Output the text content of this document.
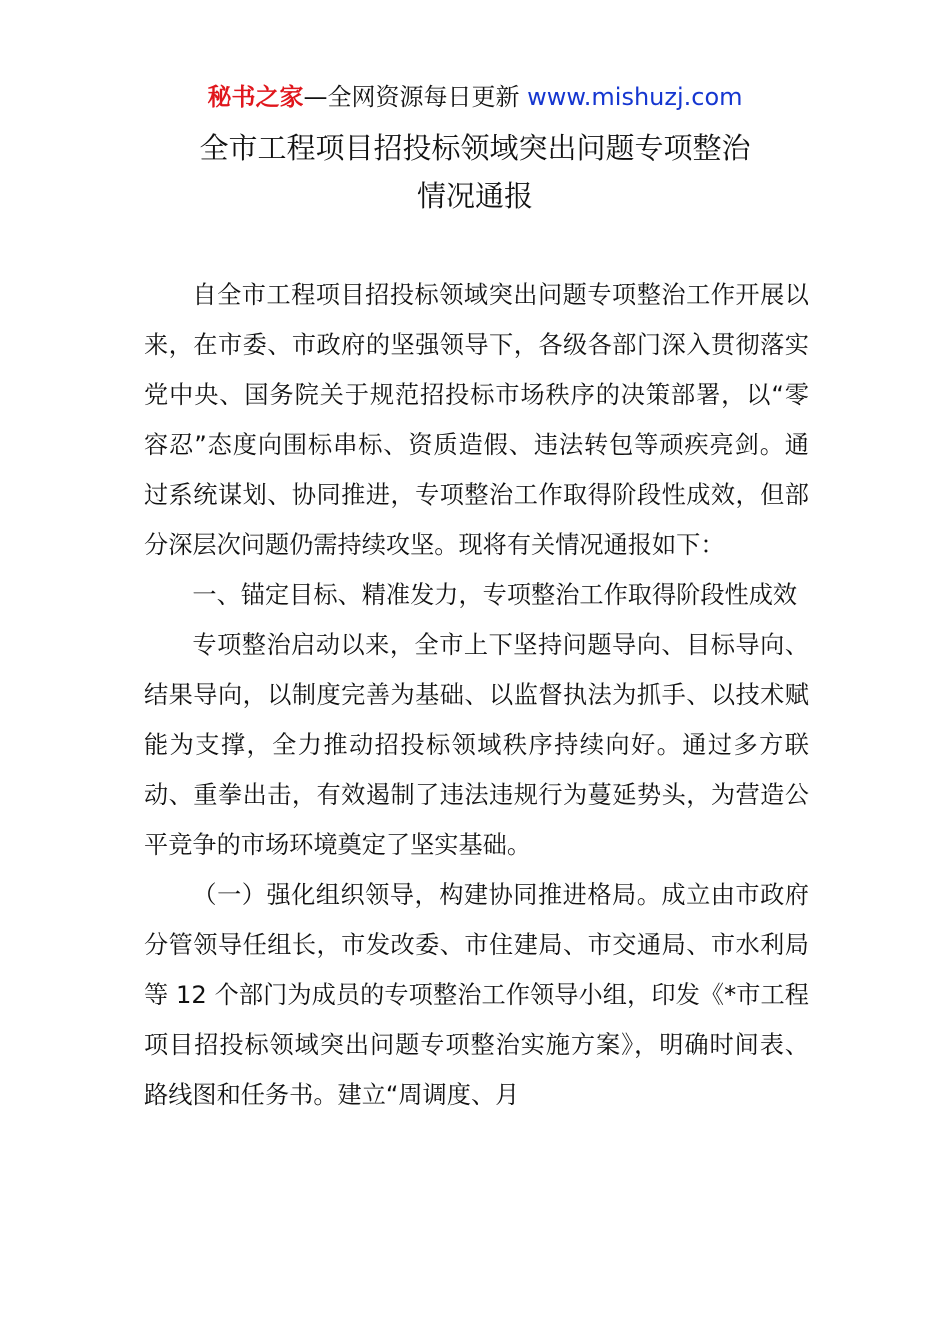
秘书之家—全网资源每日更新 www.mishuzj.com
全市工程项目招投标领域突出问题专项整治
情况通报

自全市工程项目招投标领域突出问题专项整治工作开展以来，在市委、市政府的坚强领导下，各级各部门深入贯彻落实党中央、国务院关于规范招投标市场秩序的决策部署，以“零容忍”态度向围标串标、资质造假、违法转包等顽疾亮剑。通过系统谋划、协同推进，专项整治工作取得阶段性成效，但部分深层次问题仍需持续攻坚。现将有关情况通报如下：

一、锚定目标、精准发力，专项整治工作取得阶段性成效

专项整治启动以来，全市上下坚持问题导向、目标导向、结果导向，以制度完善为基础、以监督执法为抓手、以技术赋能为支撑，全力推动招投标领域秩序持续向好。通过多方联动、重拳出击，有效遏制了违法违规行为蔓延势头，为营造公平竞争的市场环境奠定了坚实基础。

（一）强化组织领导，构建协同推进格局。成立由市政府分管领导任组长，市发改委、市住建局、市交通局、市水利局等 12 个部门为成员的专项整治工作领导小组，印发《*市工程项目招投标领域突出问题专项整治实施方案》，明确时间表、路线图和任务书。建立“周调度、月
